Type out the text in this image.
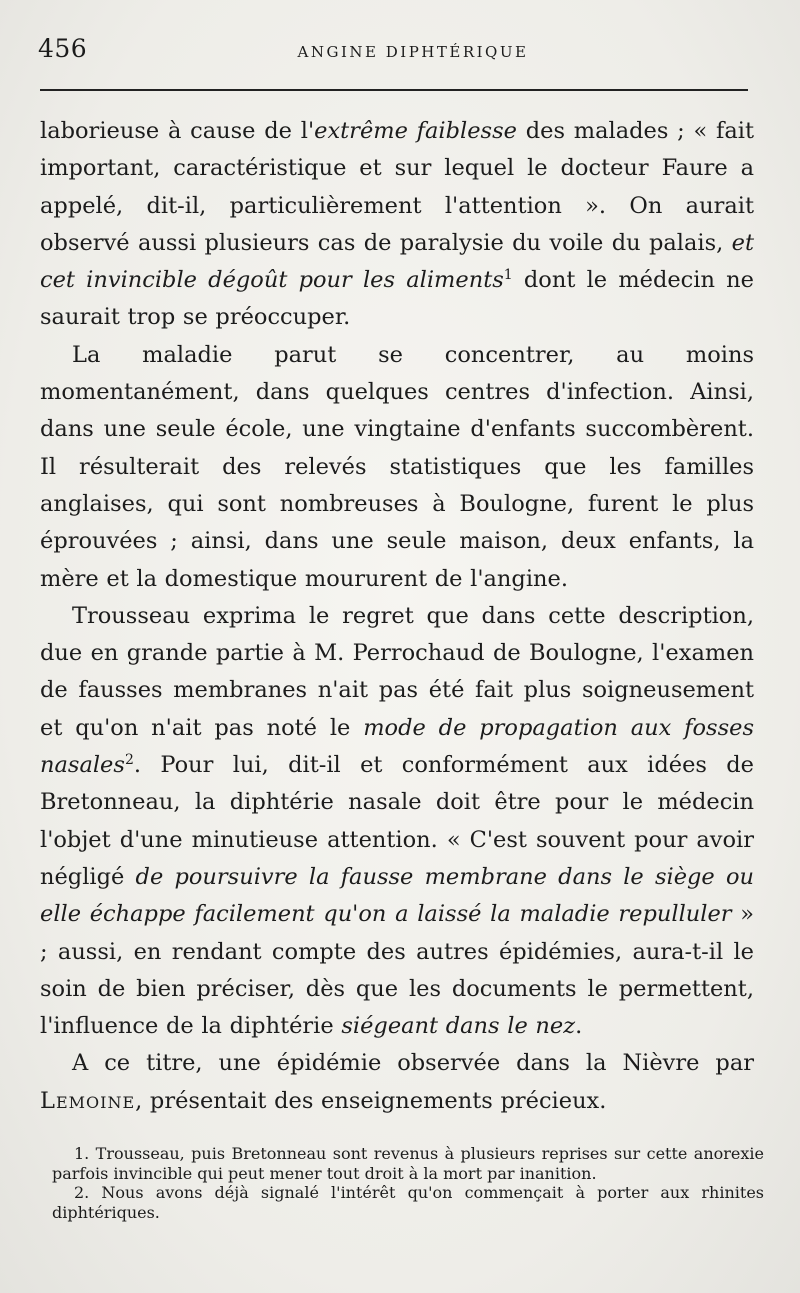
456	ANGINE DIPHTÉRIQUE

laborieuse à cause de l'extrême faiblesse des malades ; « fait important, caractéristique et sur lequel le docteur Faure a appelé, dit-il, particulièrement l'attention ». On aurait observé aussi plusieurs cas de paralysie du voile du palais, et cet invincible dégoût pour les aliments$^1$ dont le médecin ne saurait trop se préoccuper.

La maladie parut se concentrer, au moins momentanément, dans quelques centres d'infection. Ainsi, dans une seule école, une vingtaine d'enfants succombèrent. Il résulterait des relevés statistiques que les familles anglaises, qui sont nombreuses à Boulogne, furent le plus éprouvées ; ainsi, dans une seule maison, deux enfants, la mère et la domestique moururent de l'angine.

Trousseau exprima le regret que dans cette description, due en grande partie à M. Perrochaud de Boulogne, l'examen de fausses membranes n'ait pas été fait plus soigneusement et qu'on n'ait pas noté le mode de propagation aux fosses nasales$^2$. Pour lui, dit-il et conformément aux idées de Bretonneau, la diphtérie nasale doit être pour le médecin l'objet d'une minutieuse attention. « C'est souvent pour avoir négligé de poursuivre la fausse membrane dans le siège ou elle échappe facilement qu'on a laissé la maladie repulluler » ; aussi, en rendant compte des autres épidémies, aura-t-il le soin de bien préciser, dès que les documents le permettent, l'influence de la diphtérie siégeant dans le nez.

A ce titre, une épidémie observée dans la Nièvre par Lemoine, présentait des enseignements précieux.

1. Trousseau, puis Bretonneau sont revenus à plusieurs reprises sur cette anorexie parfois invincible qui peut mener tout droit à la mort par inanition.

2. Nous avons déjà signalé l'intérêt qu'on commençait à porter aux rhinites diphtériques.
